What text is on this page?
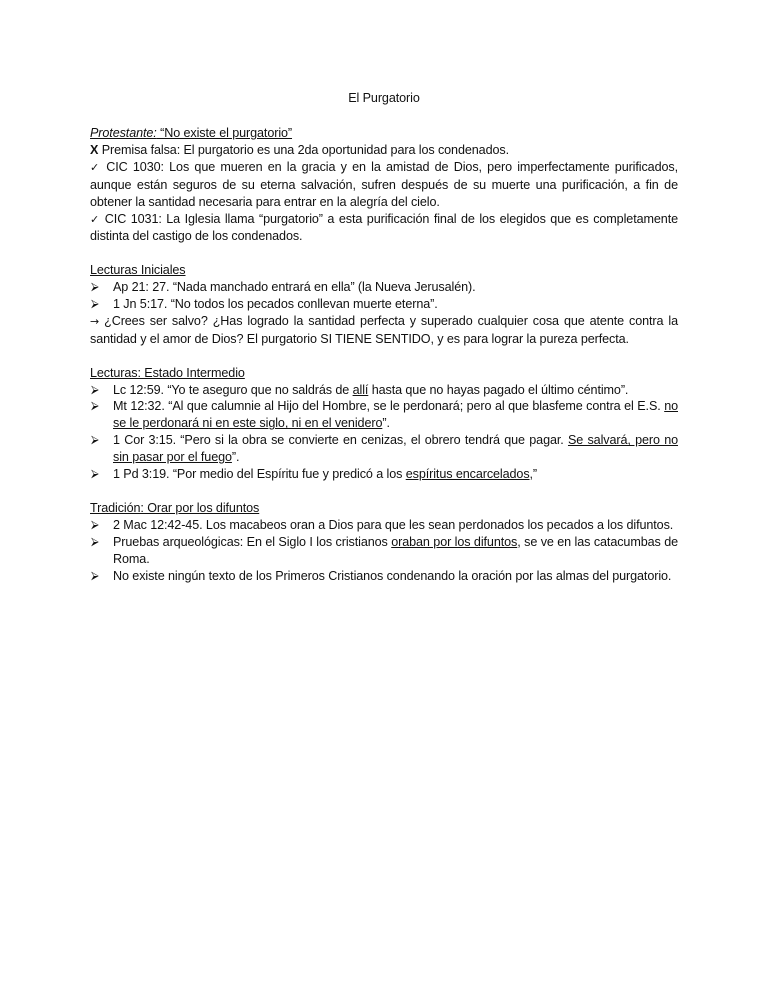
El Purgatorio

Protestante: “No existe el purgatorio”

X Premisa falsa: El purgatorio es una 2da oportunidad para los condenados.

✓ CIC 1030: Los que mueren en la gracia y en la amistad de Dios, pero imperfectamente purificados, aunque están seguros de su eterna salvación, sufren después de su muerte una purificación, a fin de obtener la santidad necesaria para entrar en la alegría del cielo.

✓ CIC 1031: La Iglesia llama “purgatorio” a esta purificación final de los elegidos que es completamente distinta del castigo de los condenados.

Lecturas Iniciales

⮚	Ap 21: 27. “Nada manchado entrará en ella” (la Nueva Jerusalén).
⮚	1 Jn 5:17. “No todos los pecados conllevan muerte eterna”.

→ ¿Crees ser salvo? ¿Has logrado la santidad perfecta y superado cualquier cosa que atente contra la santidad y el amor de Dios? El purgatorio SI TIENE SENTIDO, y es para lograr la pureza perfecta.

Lecturas: Estado Intermedio

⮚	Lc 12:59. “Yo te aseguro que no saldrás de allí hasta que no hayas pagado el último céntimo”.
⮚	Mt 12:32. “Al que calumnie al Hijo del Hombre, se le perdonará; pero al que blasfeme contra el E.S. no se le perdonará ni en este siglo, ni en el venidero”.
⮚	1 Cor 3:15. “Pero si la obra se convierte en cenizas, el obrero tendrá que pagar. Se salvará, pero no sin pasar por el fuego”.
⮚	1 Pd 3:19. “Por medio del Espíritu fue y predicó a los espíritus encarcelados,”

Tradición: Orar por los difuntos

⮚	2 Mac 12:42-45. Los macabeos oran a Dios para que les sean perdonados los pecados a los difuntos.
⮚	Pruebas arqueológicas: En el Siglo I los cristianos oraban por los difuntos, se ve en las catacumbas de Roma.
⮚	No existe ningún texto de los Primeros Cristianos condenando la oración por las almas del purgatorio.
